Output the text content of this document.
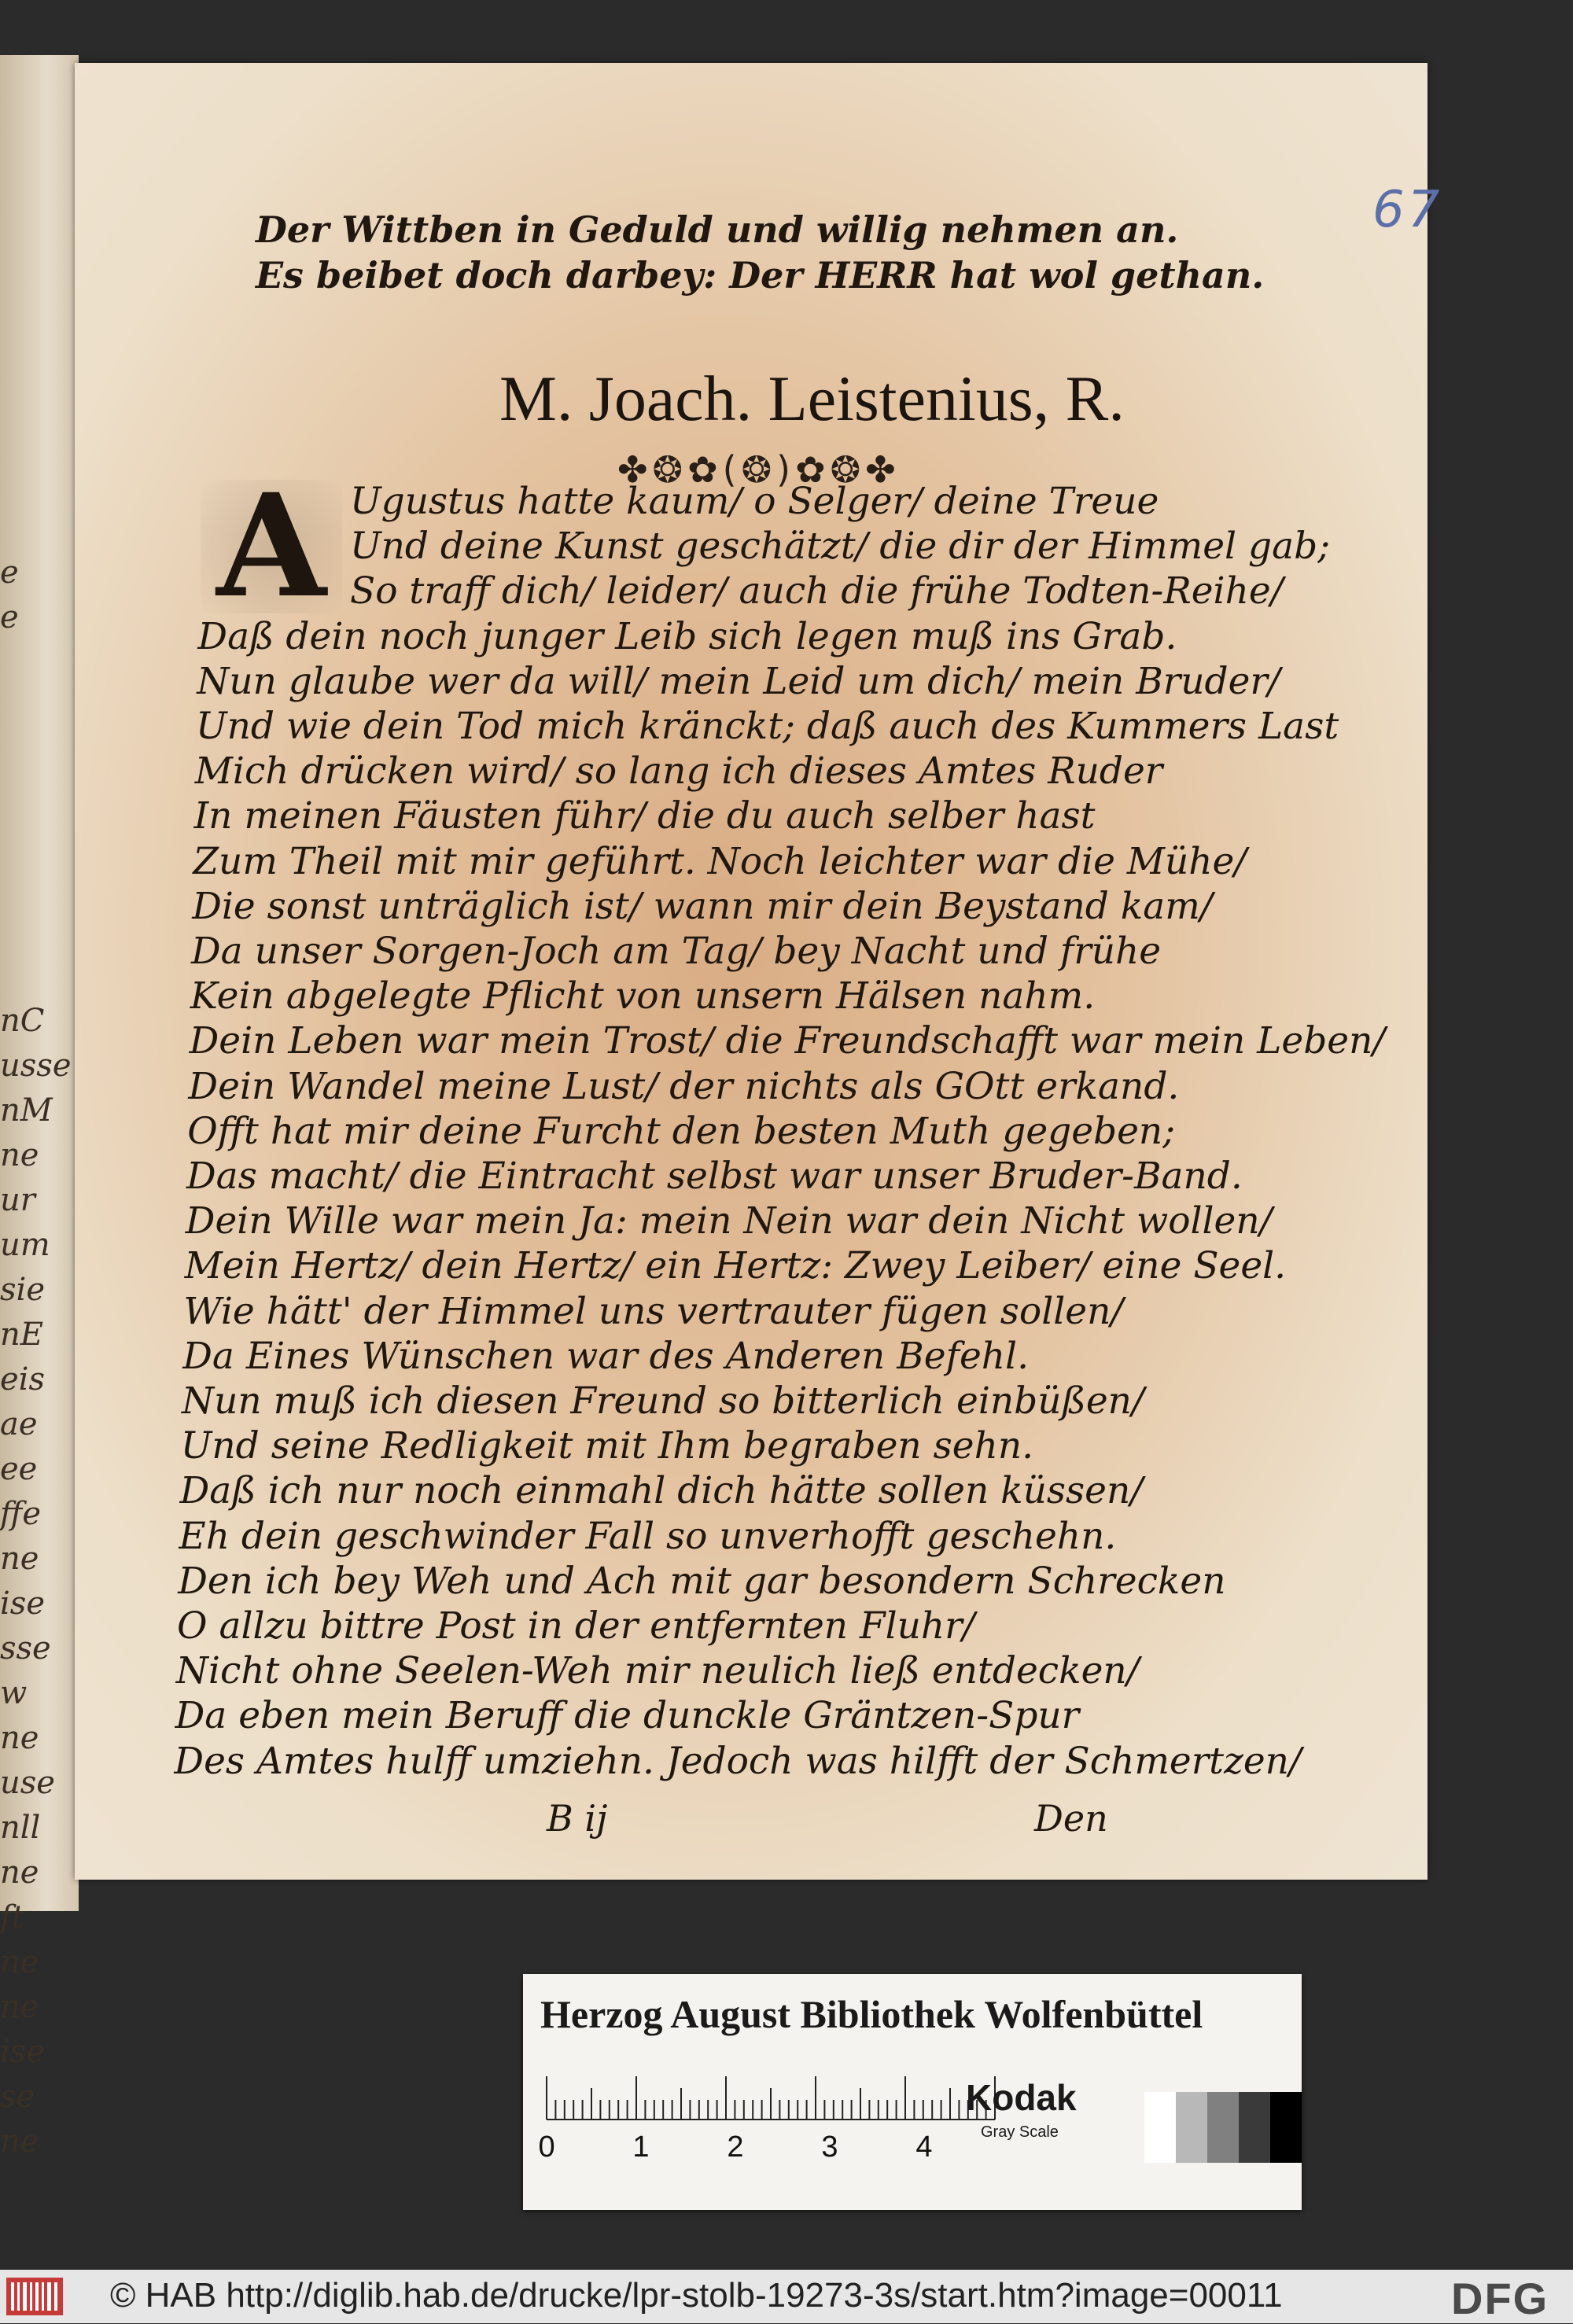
e
e
nC
usse
nM
ne
ur
um
sie
nE
eis
ae
ee
ffe
ne
ise
sse
w
ne
use
nll
ne
ft
ne
ne
ise
se
ne
67
Der Wittben in Geduld und willig nehmen an.
Es beibet doch darbey: Der HERR hat wol gethan.
M. Joach. Leistenius, R.
✤❂✿(❂)✿❂✤
A Ugustus hatte kaum/ o Selger/ deine Treue
Und deine Kunst geschätzt/ die dir der Himmel gab;
So traff dich/ leider/ auch die frühe Todten-Reihe/
Daß dein noch junger Leib sich legen muß ins Grab.
Nun glaube wer da will/ mein Leid um dich/ mein Bruder/
Und wie dein Tod mich kränckt; daß auch des Kummers Last
Mich drücken wird/ so lang ich dieses Amtes Ruder
In meinen Fäusten führ/ die du auch selber hast
Zum Theil mit mir geführt. Noch leichter war die Mühe/
Die sonst unträglich ist/ wann mir dein Beystand kam/
Da unser Sorgen-Joch am Tag/ bey Nacht und frühe
Kein abgelegte Pflicht von unsern Hälsen nahm.
Dein Leben war mein Trost/ die Freundschafft war mein Leben/
Dein Wandel meine Lust/ der nichts als GOtt erkand.
Offt hat mir deine Furcht den besten Muth gegeben;
Das macht/ die Eintracht selbst war unser Bruder-Band.
Dein Wille war mein Ja: mein Nein war dein Nicht wollen/
Mein Hertz/ dein Hertz/ ein Hertz: Zwey Leiber/ eine Seel.
Wie hätt' der Himmel uns vertrauter fügen sollen/
Da Eines Wünschen war des Anderen Befehl.
Nun muß ich diesen Freund so bitterlich einbüßen/
Und seine Redligkeit mit Ihm begraben sehn.
Daß ich nur noch einmahl dich hätte sollen küssen/
Eh dein geschwinder Fall so unverhofft geschehn.
Den ich bey Weh und Ach mit gar besondern Schrecken
O allzu bittre Post in der entfernten Fluhr/
Nicht ohne Seelen-Weh mir neulich ließ entdecken/
Da eben mein Beruff die dunckle Gräntzen-Spur
Des Amtes hulff umziehn. Jedoch was hilfft der Schmertzen/
B ij	Den
Herzog August Bibliothek Wolfenbüttel
0	1	2	3	4
Kodak
Gray Scale
© HAB http://diglib.hab.de/drucke/lpr-stolb-19273-3s/start.htm?image=00011	DFG
